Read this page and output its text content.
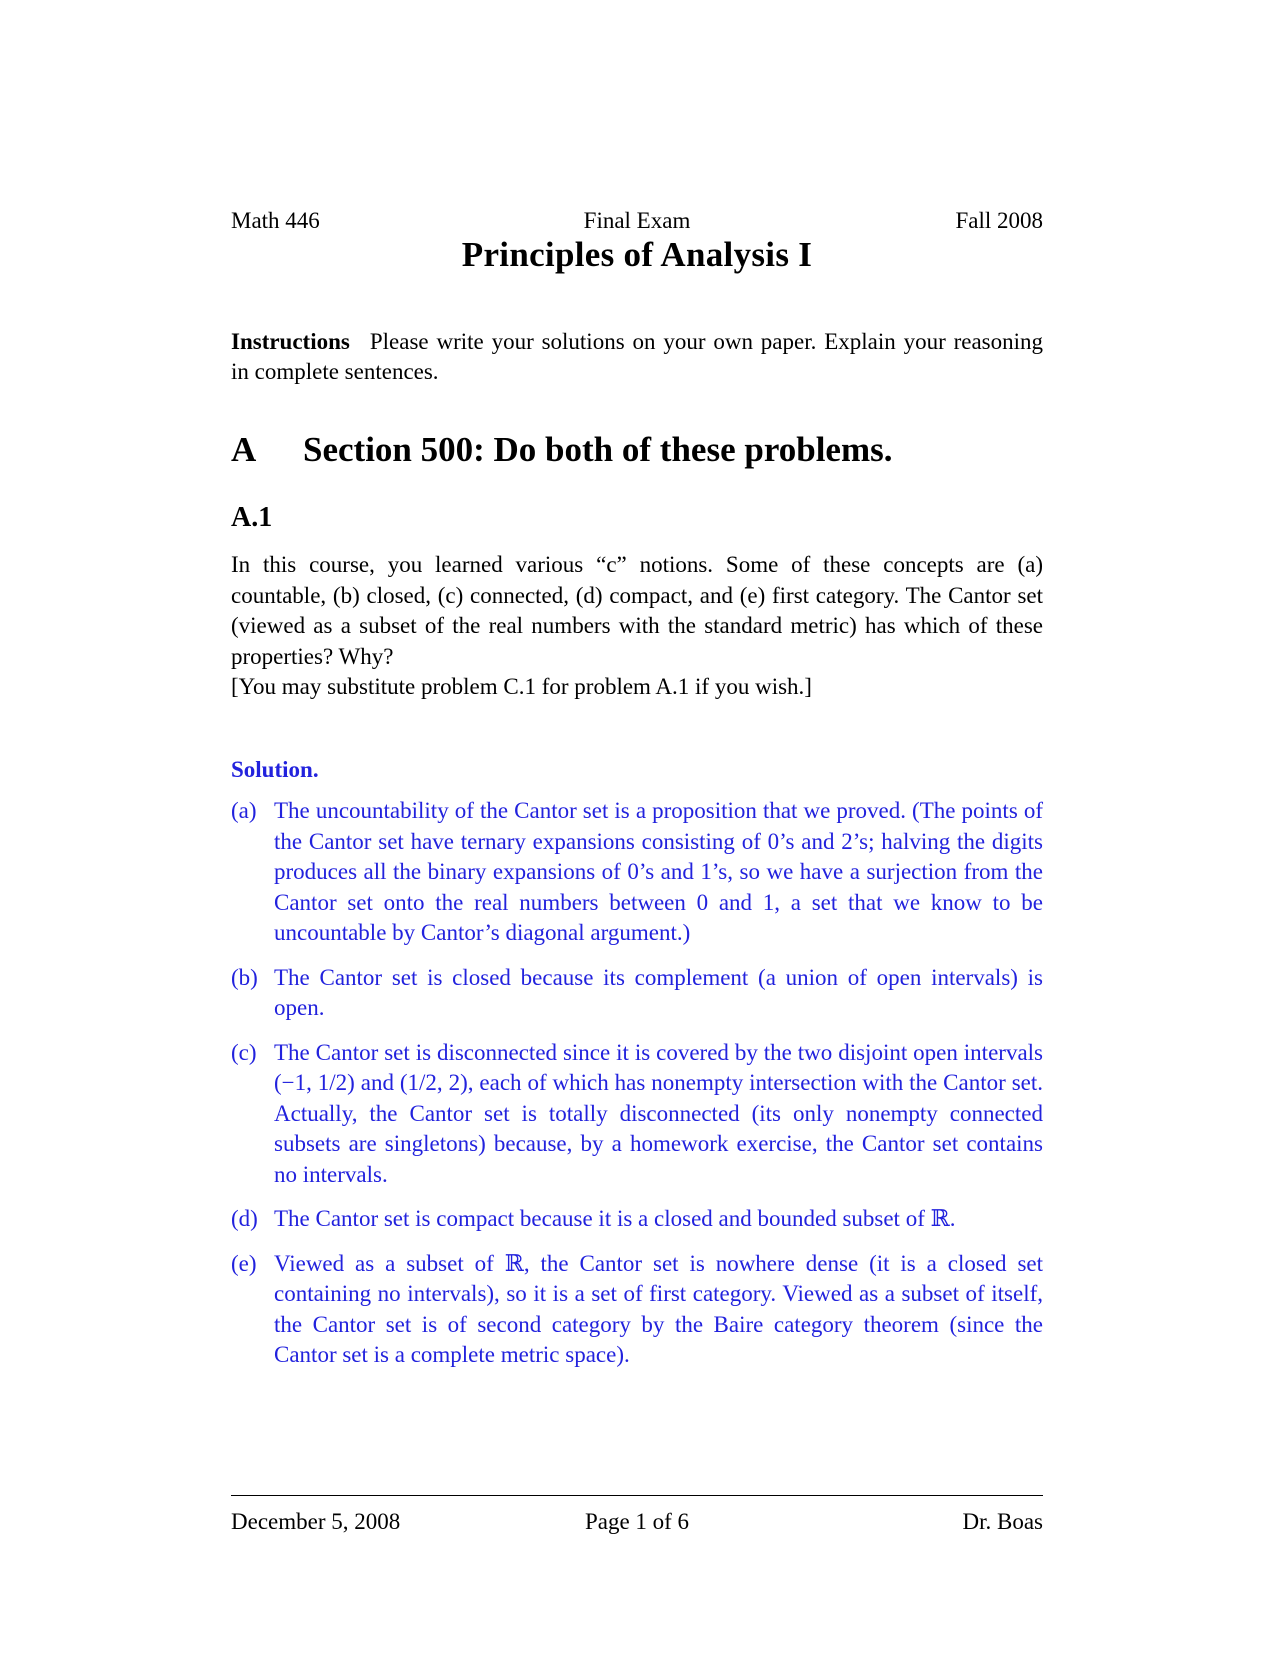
Math 446	Final Exam	Fall 2008
Principles of Analysis I
Instructions Please write your solutions on your own paper. Explain your reasoning in complete sentences.
A Section 500: Do both of these problems.
A.1

In this course, you learned various “c” notions. Some of these concepts are (a) countable, (b) closed, (c) connected, (d) compact, and (e) first category. The Cantor set (viewed as a subset of the real numbers with the standard metric) has which of these properties? Why?

[You may substitute problem C.1 for problem A.1 if you wish.]

Solution.
(a) The uncountability of the Cantor set is a proposition that we proved. (The points of the Cantor set have ternary expansions consisting of 0’s and 2’s; halving the digits produces all the binary expansions of 0’s and 1’s, so we have a surjection from the Cantor set onto the real numbers between 0 and 1, a set that we know to be uncountable by Cantor’s diagonal argument.)
(b) The Cantor set is closed because its complement (a union of open intervals) is open.
(c) The Cantor set is disconnected since it is covered by the two disjoint open intervals (−1, 1/2) and (1/2, 2), each of which has nonempty intersection with the Cantor set. Actually, the Cantor set is totally disconnected (its only nonempty connected subsets are singletons) because, by a homework exercise, the Cantor set contains no intervals.
(d) The Cantor set is compact because it is a closed and bounded subset of ℝ.
(e) Viewed as a subset of ℝ, the Cantor set is nowhere dense (it is a closed set containing no intervals), so it is a set of first category. Viewed as a subset of itself, the Cantor set is of second category by the Baire category theorem (since the Cantor set is a complete metric space).
December 5, 2008	Page 1 of 6	Dr. Boas
